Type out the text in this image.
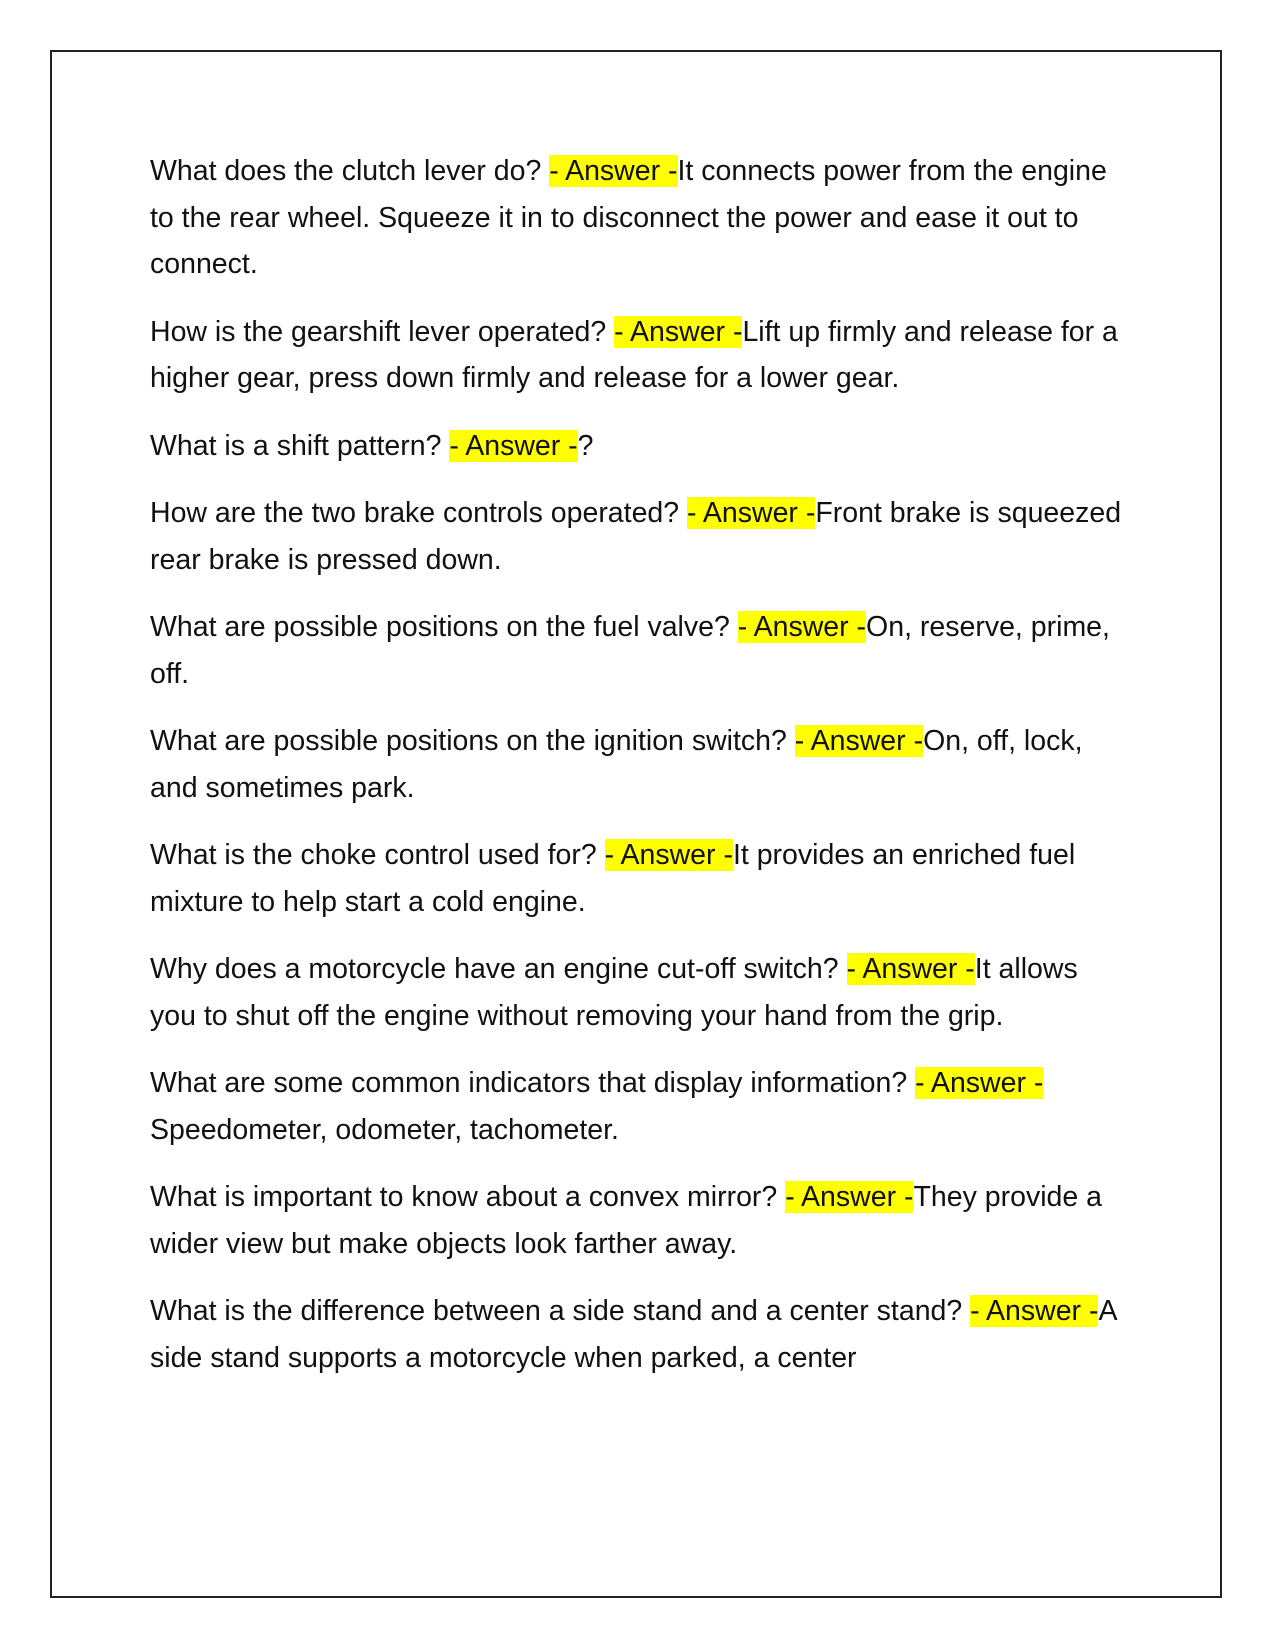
What does the clutch lever do? - Answer -It connects power from the engine to the rear wheel. Squeeze it in to disconnect the power and ease it out to connect.

How is the gearshift lever operated? - Answer -Lift up firmly and release for a higher gear, press down firmly and release for a lower gear.

What is a shift pattern? - Answer -?

How are the two brake controls operated? - Answer -Front brake is squeezed rear brake is pressed down.

What are possible positions on the fuel valve? - Answer -On, reserve, prime, off.

What are possible positions on the ignition switch? - Answer -On, off, lock, and sometimes park.

What is the choke control used for? - Answer -It provides an enriched fuel mixture to help start a cold engine.

Why does a motorcycle have an engine cut-off switch? - Answer -It allows you to shut off the engine without removing your hand from the grip.

What are some common indicators that display information? - Answer -Speedometer, odometer, tachometer.

What is important to know about a convex mirror? - Answer -They provide a wider view but make objects look farther away.

What is the difference between a side stand and a center stand? - Answer -A side stand supports a motorcycle when parked, a center
